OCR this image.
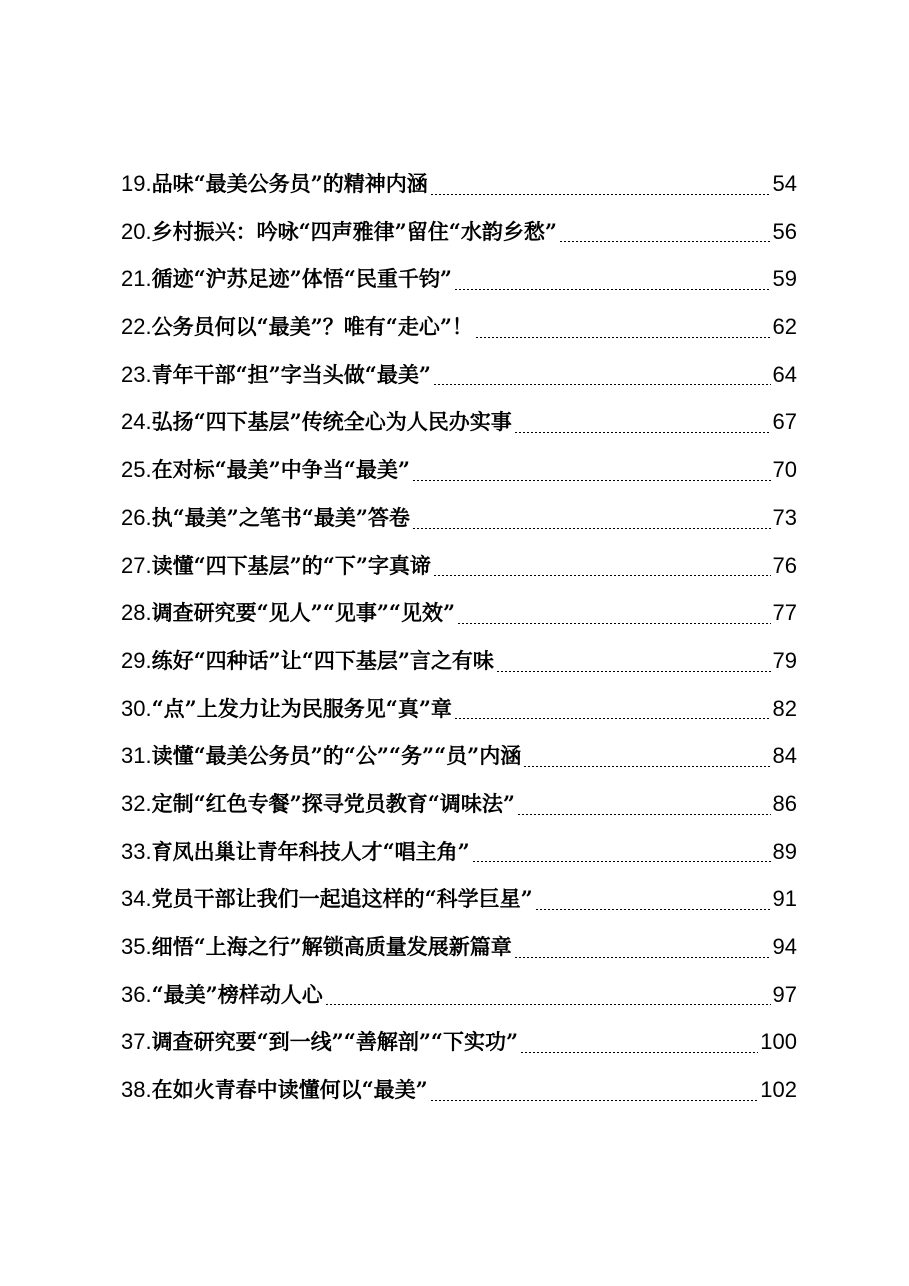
19. 品味“最美公务员”的精神内涵	54
20. 乡村振兴：吟咏“四声雅律”留住“水韵乡愁”	56
21. 循迹“沪苏足迹”体悟“民重千钧”	59
22. 公务员何以“最美”？唯有“走心”！	62
23. 青年干部“担”字当头做“最美”	64
24. 弘扬“四下基层”传统全心为人民办实事	67
25. 在对标“最美”中争当“最美”	70
26. 执“最美”之笔书“最美”答卷	73
27. 读懂“四下基层”的“下”字真谛	76
28. 调查研究要“见人”“见事”“见效”	77
29. 练好“四种话”让“四下基层”言之有味	79
30. “点”上发力让为民服务见“真”章	82
31. 读懂“最美公务员”的“公”“务”“员”内涵	84
32. 定制“红色专餐”探寻党员教育“调味法”	86
33. 育凤出巢让青年科技人才“唱主角”	89
34. 党员干部让我们一起追这样的“科学巨星”	91
35. 细悟“上海之行”解锁高质量发展新篇章	94
36. “最美”榜样动人心	97
37. 调查研究要“到一线”“善解剖”“下实功”	100
38. 在如火青春中读懂何以“最美”	102
